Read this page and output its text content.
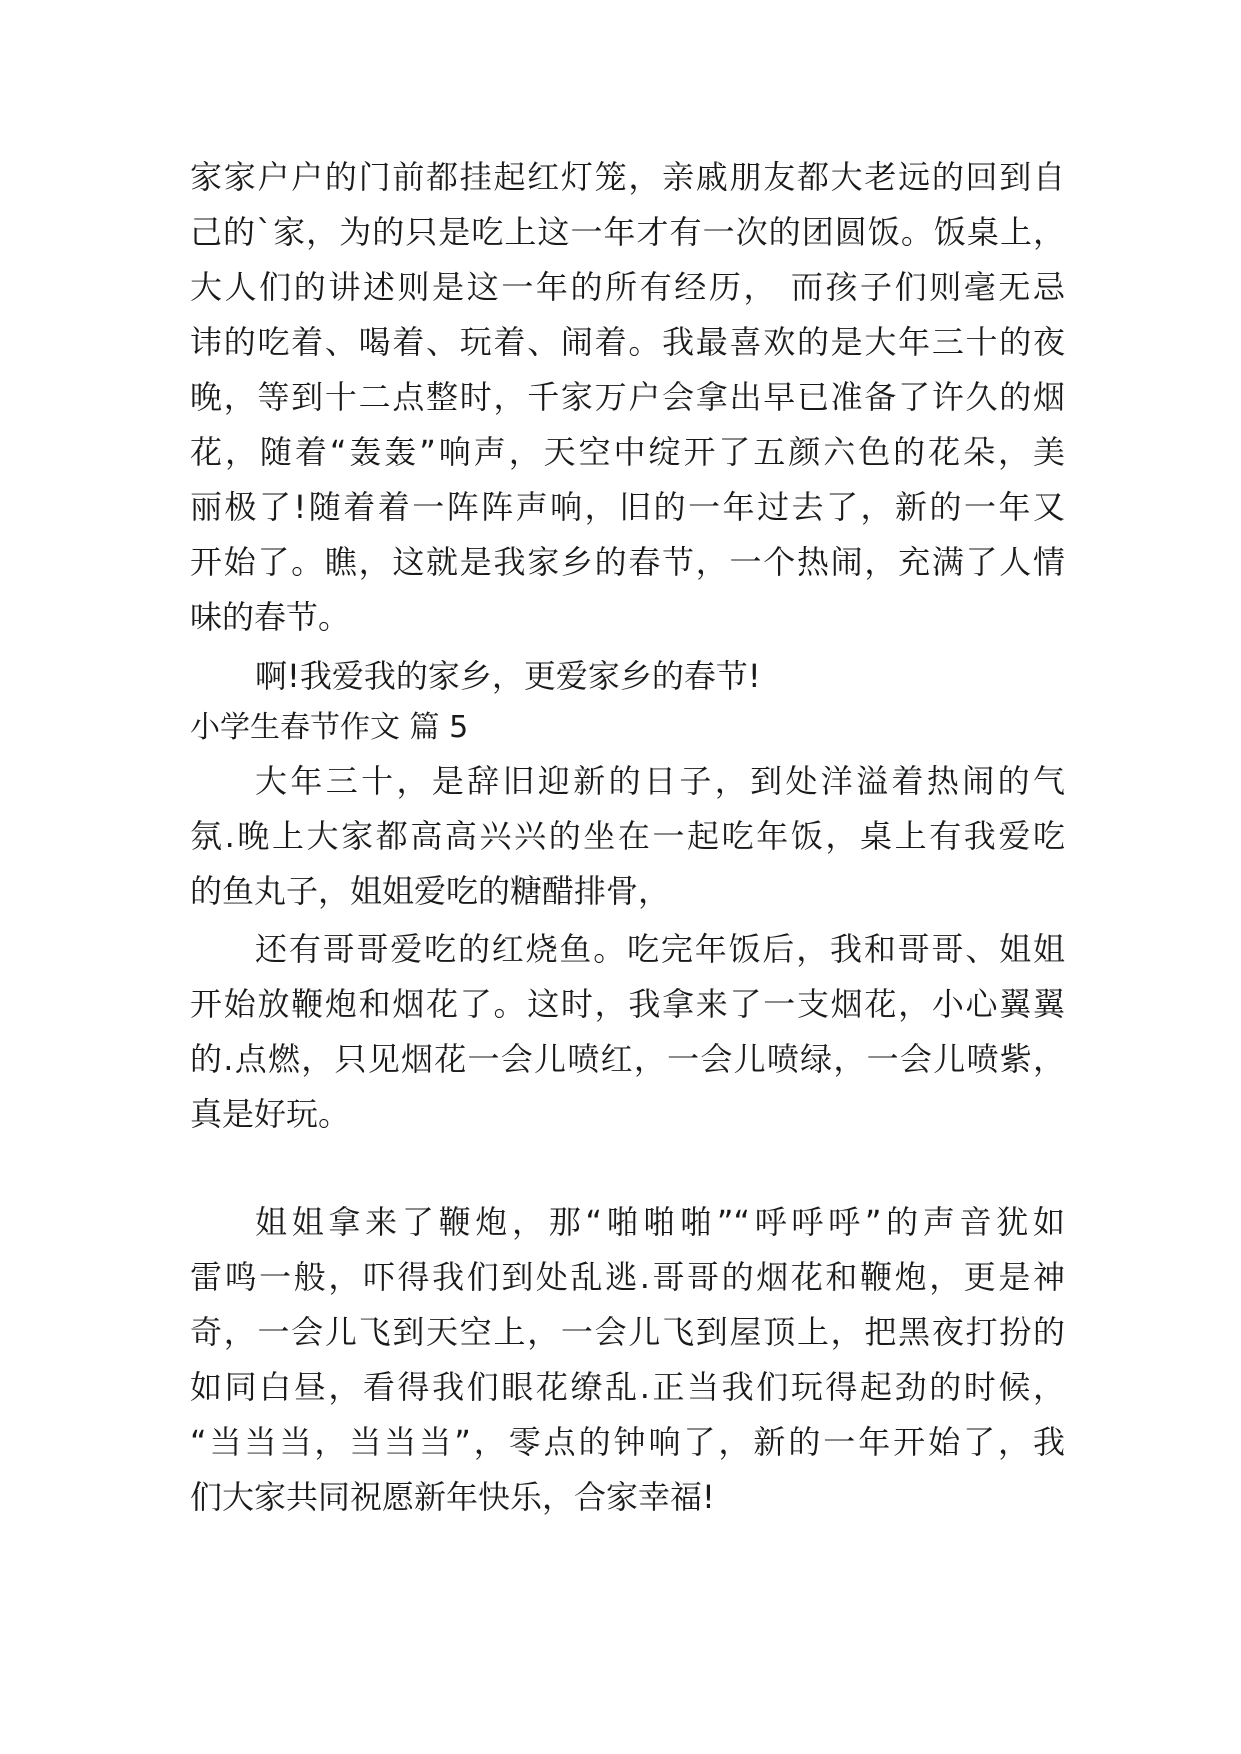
家家户户的门前都挂起红灯笼，亲戚朋友都大老远的回到自

己的`家，为的只是吃上这一年才有一次的团圆饭。饭桌上，

大人们的讲述则是这一年的所有经历， 而孩子们则毫无忌

讳的吃着、喝着、玩着、闹着。我最喜欢的是大年三十的夜

晚，等到十二点整时，千家万户会拿出早已准备了许久的烟

花，随着“轰轰”响声，天空中绽开了五颜六色的花朵，美

丽极了!随着着一阵阵声响，旧的一年过去了，新的一年又

开始了。瞧，这就是我家乡的春节，一个热闹，充满了人情

味的春节。

啊!我爱我的家乡，更爱家乡的春节!

小学生春节作文 篇 5

大年三十，是辞旧迎新的日子，到处洋溢着热闹的气

氛.晚上大家都高高兴兴的坐在一起吃年饭，桌上有我爱吃

的鱼丸子，姐姐爱吃的糖醋排骨，

还有哥哥爱吃的红烧鱼。吃完年饭后，我和哥哥、姐姐

开始放鞭炮和烟花了。这时，我拿来了一支烟花，小心翼翼

的.点燃，只见烟花一会儿喷红，一会儿喷绿，一会儿喷紫，

真是好玩。

姐姐拿来了鞭炮，那“啪啪啪”“呼呼呼”的声音犹如

雷鸣一般，吓得我们到处乱逃.哥哥的烟花和鞭炮，更是神

奇，一会儿飞到天空上，一会儿飞到屋顶上，把黑夜打扮的

如同白昼，看得我们眼花缭乱.正当我们玩得起劲的时候，

“当当当，当当当”，零点的钟响了，新的一年开始了，我

们大家共同祝愿新年快乐，合家幸福!
